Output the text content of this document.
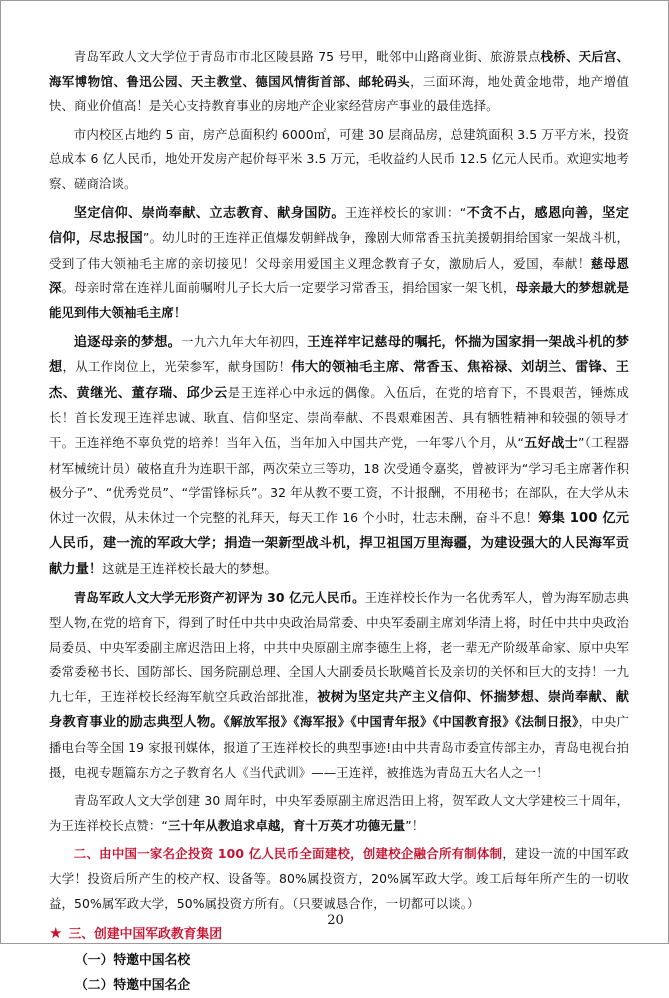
青岛军政人文大学位于青岛市市北区陵县路 75 号甲，毗邻中山路商业街、旅游景点栈桥、天后宫、海军博物馆、鲁迅公园、天主教堂、德国风情街首部、邮轮码头，三面环海，地处黄金地带，地产增值快、商业价值高！是关心支持教育事业的房地产企业家经营房产事业的最佳选择。

市内校区占地约 5 亩，房产总面积约 6000㎡，可建 30 层商品房，总建筑面积 3.5 万平方米，投资总成本 6 亿人民币，地处开发房产起价每平米 3.5 万元，毛收益约人民币 12.5 亿元人民币。欢迎实地考察、磋商洽谈。

坚定信仰、崇尚奉献、立志教育、献身国防。王连祥校长的家训：“不贪不占，感恩向善，坚定信仰，尽忠报国”。幼儿时的王连祥正值爆发朝鲜战争，豫剧大师常香玉抗美援朝捐给国家一架战斗机，受到了伟大领袖毛主席的亲切接见！父母亲用爱国主义理念教育子女，激励后人，爱国，奉献！慈母恩深。母亲时常在连祥儿面前嘱咐儿子长大后一定要学习常香玉，捐给国家一架飞机，母亲最大的梦想就是能见到伟大领袖毛主席！

追逐母亲的梦想。一九六九年大年初四，王连祥牢记慈母的嘱托，怀揣为国家捐一架战斗机的梦想，从工作岗位上，光荣参军，献身国防！伟大的领袖毛主席、常香玉、焦裕禄、刘胡兰、雷锋、王杰、黄继光、董存瑞、邱少云是王连祥心中永远的偶像。入伍后，在党的培育下，不畏艰苦，锤炼成长！首长发现王连祥忠诚、耿直、信仰坚定、崇尚奉献、不畏艰难困苦、具有牺牲精神和较强的领导才干。王连祥绝不辜负党的培养！当年入伍，当年加入中国共产党，一年零八个月，从“五好战士”（工程器材军械统计员）破格直升为连职干部，两次荣立三等功，18 次受通令嘉奖，曾被评为“学习毛主席著作积极分子”、“优秀党员”、“学雷锋标兵”。32 年从教不要工资，不计报酬，不用秘书；在部队，在大学从未休过一次假，从未休过一个完整的礼拜天，每天工作 16 个小时，壮志未酬，奋斗不息！筹集 100 亿元人民币，建一流的军政大学；捐造一架新型战斗机，捍卫祖国万里海疆，为建设强大的人民海军贡献力量！这就是王连祥校长最大的梦想。

青岛军政人文大学无形资产初评为 30 亿元人民币。王连祥校长作为一名优秀军人，曾为海军励志典型人物,在党的培育下，得到了时任中共中央政治局常委、中央军委副主席刘华清上将，时任中共中央政治局委员、中央军委副主席迟浩田上将，中共中央原副主席李德生上将，老一辈无产阶级革命家、原中央军委常委秘书长、国防部长、国务院副总理、全国人大副委员长耿飚首长及亲切的关怀和巨大的支持！一九九七年，王连祥校长经海军航空兵政治部批准，被树为坚定共产主义信仰、怀揣梦想、崇尚奉献、献身教育事业的励志典型人物。《解放军报》《海军报》《中国青年报》《中国教育报》《法制日报》，中央广播电台等全国 19 家报刊媒体，报道了王连祥校长的典型事迹!由中共青岛市委宣传部主办，青岛电视台拍摄，电视专题篇东方之子教育名人《当代武训》——王连祥，被推选为青岛五大名人之一！

青岛军政人文大学创建 30 周年时，中央军委原副主席迟浩田上将，贺军政人文大学建校三十周年，为王连祥校长点赞：“三十年从教追求卓越，育十万英才功德无量”！

二、由中国一家名企投资 100 亿人民币全面建校，创建校企融合所有制体制，建设一流的中国军政大学！投资后所产生的校产权、设备等。80%属投资方，20%属军政大学。竣工后每年所产生的一切收益，50%属军政大学，50%属投资方所有。（只要诚恳合作，一切都可以谈。）

★ 三、创建中国军政教育集团
（一）特邀中国名校
（二）特邀中国名企
20
